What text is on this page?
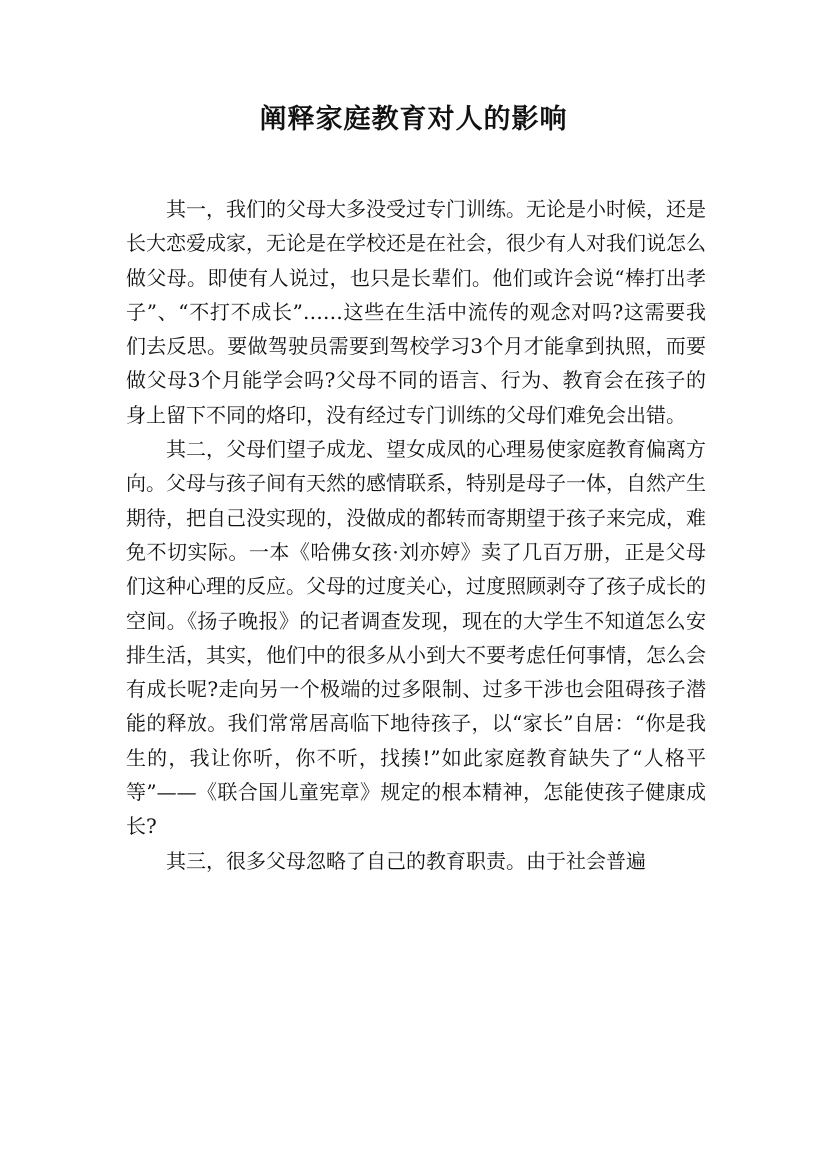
阐释家庭教育对人的影响

其一，我们的父母大多没受过专门训练。无论是小时候，还是长大恋爱成家，无论是在学校还是在社会，很少有人对我们说怎么做父母。即使有人说过，也只是长辈们。他们或许会说“棒打出孝子”、“不打不成长”……这些在生活中流传的观念对吗?这需要我们去反思。要做驾驶员需要到驾校学习3个月才能拿到执照，而要做父母3个月能学会吗?父母不同的语言、行为、教育会在孩子的身上留下不同的烙印，没有经过专门训练的父母们难免会出错。

其二，父母们望子成龙、望女成凤的心理易使家庭教育偏离方向。父母与孩子间有天然的感情联系，特别是母子一体，自然产生期待，把自己没实现的，没做成的都转而寄期望于孩子来完成，难免不切实际。一本《哈佛女孩·刘亦婷》卖了几百万册，正是父母们这种心理的反应。父母的过度关心，过度照顾剥夺了孩子成长的空间。《扬子晚报》的记者调查发现，现在的大学生不知道怎么安排生活，其实，他们中的很多从小到大不要考虑任何事情，怎么会有成长呢?走向另一个极端的过多限制、过多干涉也会阻碍孩子潜能的释放。我们常常居高临下地待孩子，以“家长”自居：“你是我生的，我让你听，你不听，找揍!”如此家庭教育缺失了“人格平等”——《联合国儿童宪章》规定的根本精神，怎能使孩子健康成长?

其三，很多父母忽略了自己的教育职责。由于社会普遍
